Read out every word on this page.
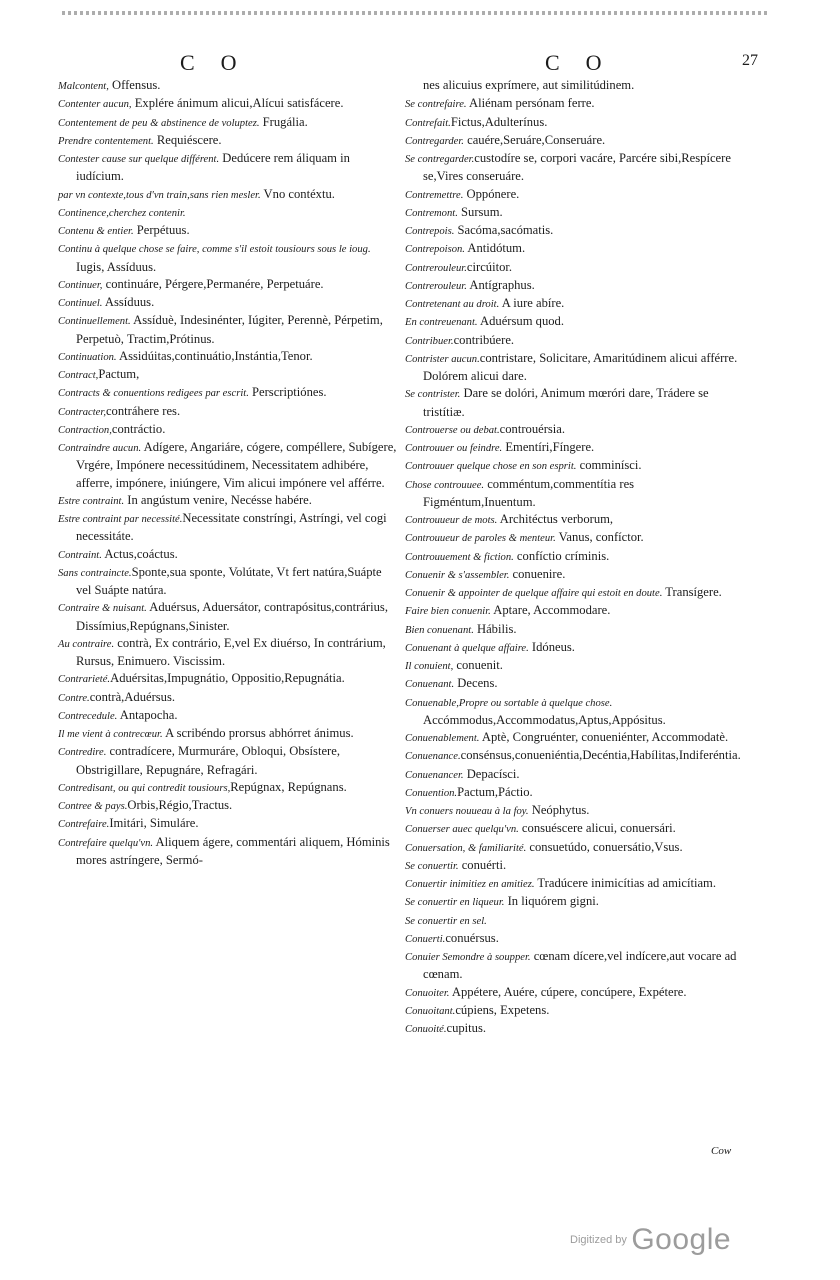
CO	CO	27

Malcontent, Offensus.

Contenter aucun, Explére ánimum alicui,Alícui satisfácere.

Contentement de peu & abstinence de voluptez. Frugália.

Prendre contentement. Requiéscere.

Contester cause sur quelque différent. Dedúcere rem áliquam in iudícium.

par vn contexte,tous d'vn train,sans rien mesler. Vno contéxtu.

Continence,cherchez contenir.

Contenu & entier. Perpétuus.

Continu à quelque chose se faire, comme s'il estoit tousiours sous le ioug. Iugis, Assíduus.

Continuer, continuáre, Pérgere,Permanére, Perpetuáre.

Continuel. Assíduus.

Continuellement. Assíduè, Indesinénter, Iúgiter, Perennè, Pérpetim, Perpetuò, Tractim,Prótinus.

Continuation. Assidúitas,continuátio,Instántia,Tenor.

Contract,Pactum,

Contracts & conuentions redigees par escrit. Perscriptiónes.

Contracter,contráhere res.

Contraction,contráctio.

Contraindre aucun. Adígere, Angariáre, cógere, compéllere, Subígere, Vrgére, Impónere necessitúdinem, Necessitatem adhibére, afferre, impónere, iniúngere, Vim alicui impónere vel afférre.

Estre contraint. In angústum venire, Necésse habére.

Estre contraint par necessité.Necessitate constríngi, Astríngi, vel cogi necessitáte.

Contraint. Actus,coáctus.

Sans contraincte.Sponte,sua sponte, Volútate, Vt fert natúra,Suápte vel Suápte natúra.

Contraire & nuisant. Aduérsus, Aduersátor, contrapósitus,contrárius, Dissímius,Repúgnans,Sinister.

Au contraire. contrà, Ex contrário, E,vel Ex diuérso, In contrárium, Rursus, Enimuero. Viscissim.

Contrarieté.Aduérsitas,Impugnátio, Oppositio,Repugnátia.

Contre.contrà,Aduérsus.

Contrecedule. Antapocha.

Il me vient à contrecœur. A scribéndo prorsus abhórret ánimus.

Contredire. contradícere, Murmuráre, Obloqui, Obsístere, Obstrigillare, Repugnáre, Refragári.

Contredisant, ou qui contredit tousiours,Repúgnax, Repúgnans.

Contree & pays.Orbis,Régio,Tractus.

Contrefaire.Imitári, Simuláre.

Contrefaire quelqu'vn. Aliquem ágere, commentári aliquem, Hóminis mores astríngere, Sermó-

nes alicuius exprímere, aut similitúdinem.

Se contrefaire. Aliénam persónam ferre.

Contrefait.Fictus,Adulterínus.

Contregarder. cauére,Seruáre,Conseruáre.

Se contregarder.custodíre se, corpori vacáre, Parcére sibi,Respícere se,Vires conseruáre.

Contremettre. Oppónere.

Contremont. Sursum.

Contrepois. Sacóma,sacómatis.

Contrepoison. Antidótum.

Contrerouleur.circúitor.

Contrerouleur. Antígraphus.

Contretenant au droit. A iure abíre.

En contreuenant. Aduérsum quod.

Contribuer.contribúere.

Contrister aucun.contristare, Solicitare, Amaritúdinem alicui afférre. Dolórem alicui dare.

Se contrister. Dare se dolóri, Animum mœróri dare, Trádere se tristítiæ.

Controuerse ou debat.controuérsia.

Controuuer ou feindre. Ementíri,Fíngere.

Controuuer quelque chose en son esprit. comminísci.

Chose controuuee. comméntum,commentítia res Figméntum,Inuentum.

Controuueur de mots. Architéctus verborum,

Controuueur de paroles & menteur. Vanus, confíctor.

Controuuement & fiction. confíctio críminis.

Conuenir & s'assembler. conuenire.

Conuenir & appointer de quelque affaire qui estoit en doute. Transígere.

Faire bien conuenir. Aptare, Accommodare.

Bien conuenant. Hábilis.

Conuenant à quelque affaire. Idóneus.

Il conuient, conuenit.

Conuenant. Decens.

Conuenable,Propre ou sortable à quelque chose. Accómmodus,Accommodatus,Aptus,Appósitus.

Conuenablement. Aptè, Congruénter, conueniénter, Accommodatè.

Conuenance.consénsus,conueniéntia,Decéntia,Habílitas,Indiferéntia.

Conuenancer. Depacísci.

Conuention.Pactum,Páctio.

Vn conuers nouueau à la foy. Neóphytus.

Conuerser auec quelqu'vn. consuéscere alicui, conuersári.

Conuersation, & familiarité. consuetúdo, conuersátio,Vsus.

Se conuertir. conuérti.

Conuertir inimitiez en amitiez. Tradúcere inimicítias ad amicítiam.

Se conuertir en liqueur. In liquórem gigni.

Se conuertir en sel.

Conuerti.conuérsus.

Conuier Semondre à soupper. cœnam dícere,vel indícere,aut vocare ad cœnam.

Conuoiter. Appétere, Auére, cúpere, concúpere, Expétere.

Conuoitant.cúpiens, Expetens.

Conuoité.cupitus.

Cow
Digitized by Google
